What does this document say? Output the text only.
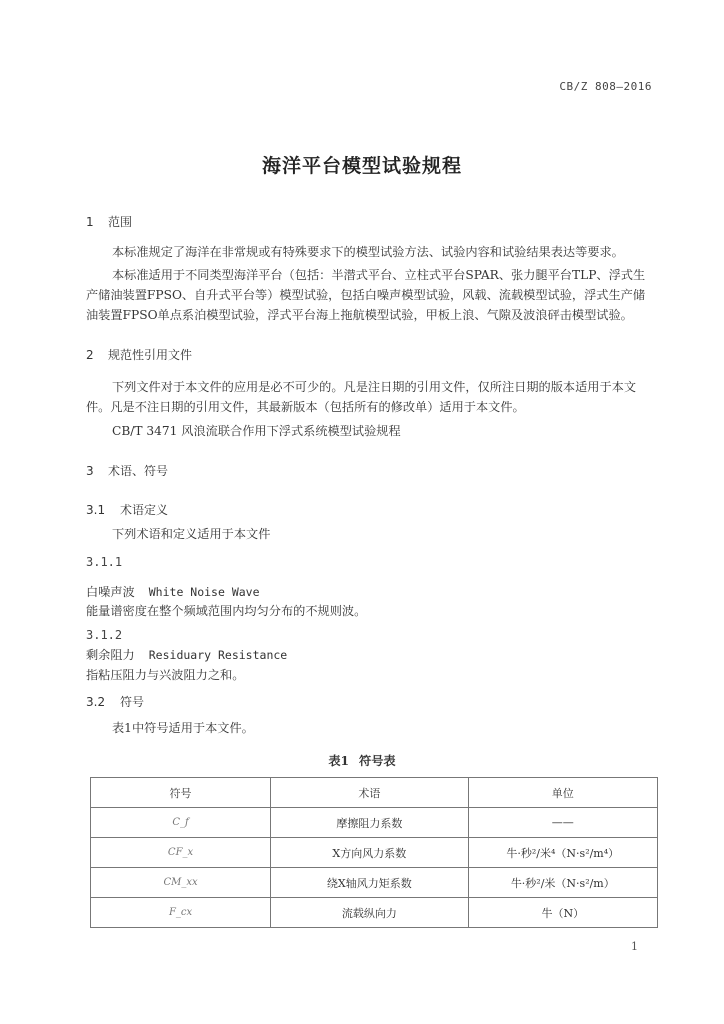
CB/Z 808—2016
海洋平台模型试验规程
1 范围
本标准规定了海洋在非常规或有特殊要求下的模型试验方法、试验内容和试验结果表达等要求。
本标准适用于不同类型海洋平台（包括：半潜式平台、立柱式平台SPAR、张力腿平台TLP、浮式生产储油装置FPSO、自升式平台等）模型试验，包括白噪声模型试验，风载、流载模型试验，浮式生产储油装置FPSO单点系泊模型试验，浮式平台海上拖航模型试验，甲板上浪、气隙及波浪砰击模型试验。
2 规范性引用文件
下列文件对于本文件的应用是必不可少的。凡是注日期的引用文件，仅所注日期的版本适用于本文件。凡是不注日期的引用文件，其最新版本（包括所有的修改单）适用于本文件。
CB/T 3471 风浪流联合作用下浮式系统模型试验规程
3 术语、符号
3.1 术语定义
下列术语和定义适用于本文件
3.1.1
白噪声波 White Noise Wave
能量谱密度在整个频域范围内均匀分布的不规则波。
3.1.2
剩余阻力 Residuary Resistance
指粘压阻力与兴波阻力之和。
3.2 符号
表1中符号适用于本文件。
表1 符号表
符号	术语	单位
C_f	摩擦阻力系数	——
CF_x	X方向风力系数	牛·秒²/米⁴（N·s²/m⁴）
CM_xx	绕X轴风力矩系数	牛·秒²/米（N·s²/m）
F_cx	流载纵向力	牛（N）
1
